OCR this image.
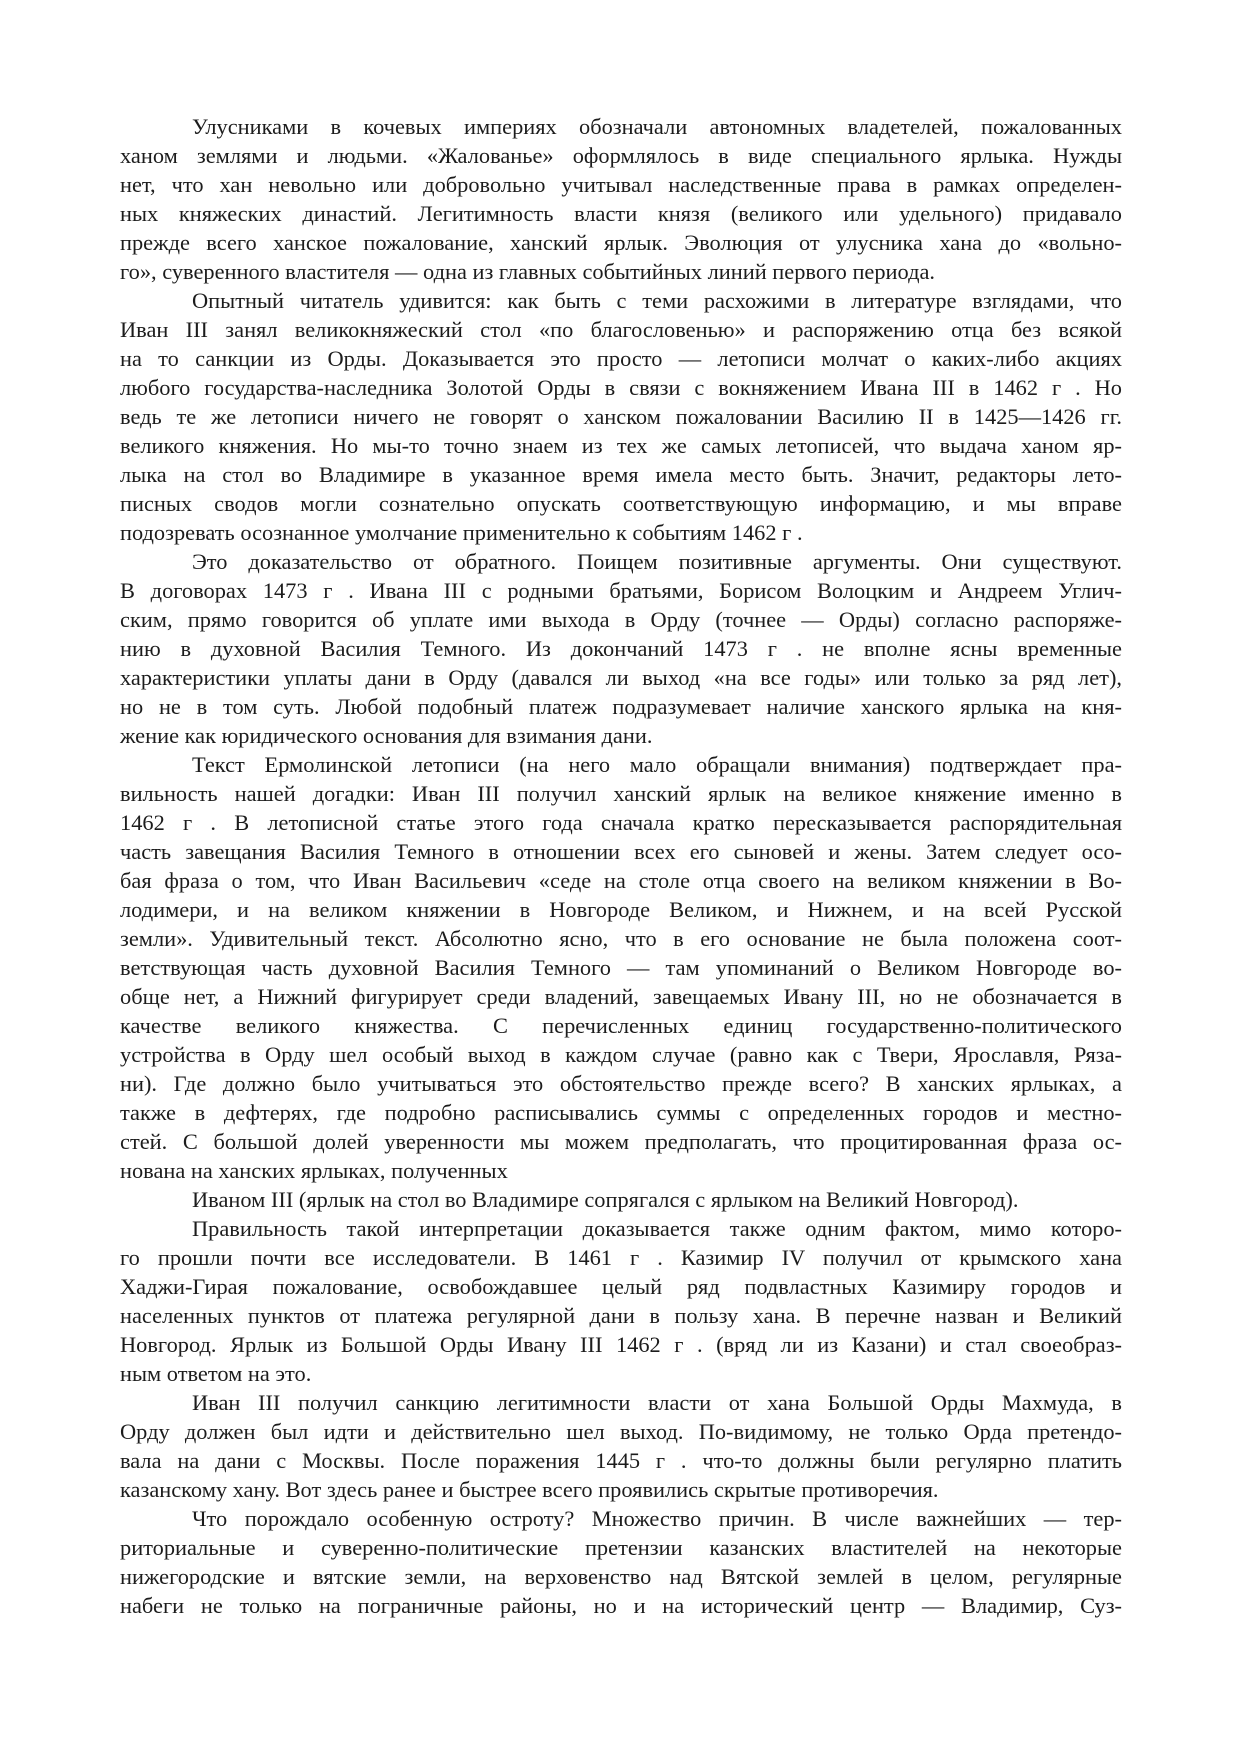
Улусниками в кочевых империях обозначали автономных владетелей, пожалованных
ханом землями и людьми. «Жалованье» оформлялось в виде специального ярлыка. Нужды
нет, что хан невольно или добровольно учитывал наследственные права в рамках определен-
ных княжеских династий. Легитимность власти князя (великого или удельного) придавало
прежде всего ханское пожалование, ханский ярлык. Эволюция от улусника хана до «вольно-
го», суверенного властителя — одна из главных событийных линий первого периода.
Опытный читатель удивится: как быть с теми расхожими в литературе взглядами, что
Иван III занял великокняжеский стол «по благословенью» и распоряжению отца без всякой
на то санкции из Орды. Доказывается это просто — летописи молчат о каких-либо акциях
любого государства-наследника Золотой Орды в связи с вокняжением Ивана III в 1462 г . Но
ведь те же летописи ничего не говорят о ханском пожаловании Василию II в 1425—1426 гг.
великого княжения. Но мы-то точно знаем из тех же самых летописей, что выдача ханом яр-
лыка на стол во Владимире в указанное время имела место быть. Значит, редакторы лето-
писных сводов могли сознательно опускать соответствующую информацию, и мы вправе
подозревать осознанное умолчание применительно к событиям 1462 г .
Это доказательство от обратного. Поищем позитивные аргументы. Они существуют.
В договорах 1473 г . Ивана III с родными братьями, Борисом Волоцким и Андреем Углич-
ским, прямо говорится об уплате ими выхода в Орду (точнее — Орды) согласно распоряже-
нию в духовной Василия Темного. Из докончаний 1473 г . не вполне ясны временные
характеристики уплаты дани в Орду (давался ли выход «на все годы» или только за ряд лет),
но не в том суть. Любой подобный платеж подразумевает наличие ханского ярлыка на кня-
жение как юридического основания для взимания дани.
Текст Ермолинской летописи (на него мало обращали внимания) подтверждает пра-
вильность нашей догадки: Иван III получил ханский ярлык на великое княжение именно в
1462 г . В летописной статье этого года сначала кратко пересказывается распорядительная
часть завещания Василия Темного в отношении всех его сыновей и жены. Затем следует осо-
бая фраза о том, что Иван Васильевич «седе на столе отца своего на великом княжении в Во-
лодимери, и на великом княжении в Новгороде Великом, и Нижнем, и на всей Русской
земли». Удивительный текст. Абсолютно ясно, что в его основание не была положена соот-
ветствующая часть духовной Василия Темного — там упоминаний о Великом Новгороде во-
обще нет, а Нижний фигурирует среди владений, завещаемых Ивану III, но не обозначается в
качестве великого княжества. С перечисленных единиц государственно-политического
устройства в Орду шел особый выход в каждом случае (равно как с Твери, Ярославля, Ряза-
ни). Где должно было учитываться это обстоятельство прежде всего? В ханских ярлыках, а
также в дефтерях, где подробно расписывались суммы с определенных городов и местно-
стей. С большой долей уверенности мы можем предполагать, что процитированная фраза ос-
нована на ханских ярлыках, полученных
Иваном III (ярлык на стол во Владимире сопрягался с ярлыком на Великий Новгород).
Правильность такой интерпретации доказывается также одним фактом, мимо которо-
го прошли почти все исследователи. В 1461 г . Казимир IV получил от крымского хана
Хаджи-Гирая пожалование, освобождавшее целый ряд подвластных Казимиру городов и
населенных пунктов от платежа регулярной дани в пользу хана. В перечне назван и Великий
Новгород. Ярлык из Большой Орды Ивану III 1462 г . (вряд ли из Казани) и стал своеобраз-
ным ответом на это.
Иван III получил санкцию легитимности власти от хана Большой Орды Махмуда, в
Орду должен был идти и действительно шел выход. По-видимому, не только Орда претендо-
вала на дани с Москвы. После поражения 1445 г . что-то должны были регулярно платить
казанскому хану. Вот здесь ранее и быстрее всего проявились скрытые противоречия.
Что порождало особенную остроту? Множество причин. В числе важнейших — тер-
риториальные и суверенно-политические претензии казанских властителей на некоторые
нижегородские и вятские земли, на верховенство над Вятской землей в целом, регулярные
набеги не только на пограничные районы, но и на исторический центр — Владимир, Суз-
